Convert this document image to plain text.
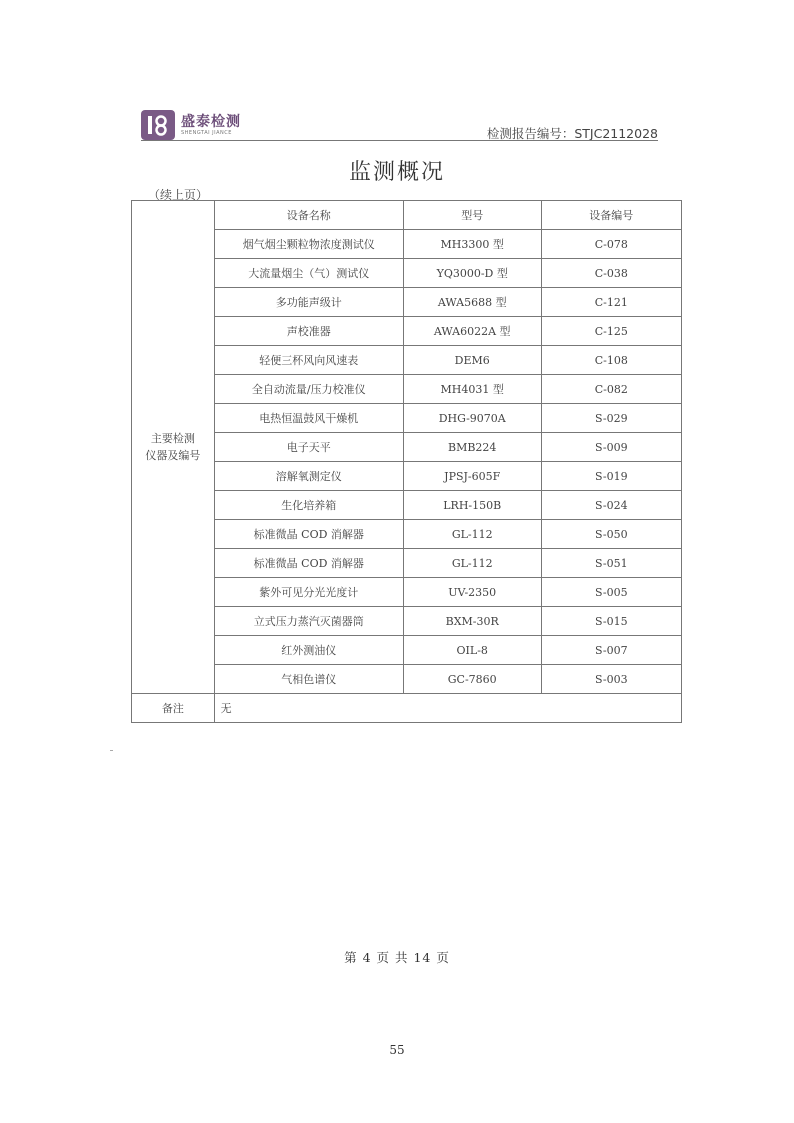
盛泰检测
SHENGTAI JIANCE	检测报告编号：STJC2112028
监测概况
（续上页）
主要检测
仪器及编号	设备名称	型号	设备编号
	烟气烟尘颗粒物浓度测试仪	MH3300 型	C-078
	大流量烟尘（气）测试仪	YQ3000-D 型	C-038
	多功能声级计	AWA5688 型	C-121
	声校准器	AWA6022A 型	C-125
	轻便三杯风向风速表	DEM6	C-108
	全自动流量/压力校准仪	MH4031 型	C-082
	电热恒温鼓风干燥机	DHG-9070A	S-029
	电子天平	BMB224	S-009
	溶解氧测定仪	JPSJ-605F	S-019
	生化培养箱	LRH-150B	S-024
	标准微晶 COD 消解器	GL-112	S-050
	标准微晶 COD 消解器	GL-112	S-051
	紫外可见分光光度计	UV-2350	S-005
	立式压力蒸汽灭菌器筒	BXM-30R	S-015
	红外测油仪	OIL-8	S-007
	气相色谱仪	GC-7860	S-003
备注	无		
第 4 页 共 14 页
55
